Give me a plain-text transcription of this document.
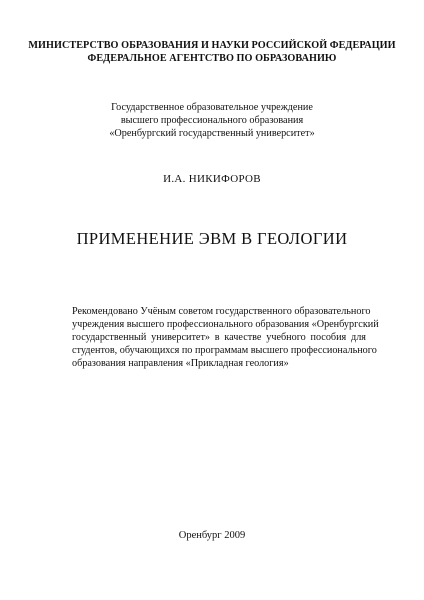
МИНИСТЕРСТВО ОБРАЗОВАНИЯ И НАУКИ РОССИЙСКОЙ ФЕДЕРАЦИИ
ФЕДЕРАЛЬНОЕ АГЕНТСТВО ПО ОБРАЗОВАНИЮ
Государственное образовательное учреждение
высшего профессионального образования
«Оренбургский государственный университет»
И.А. НИКИФОРОВ
ПРИМЕНЕНИЕ ЭВМ В ГЕОЛОГИИ
Рекомендовано Учёным советом государственного образовательного
учреждения высшего профессионального образования «Оренбургский
государственный университет» в качестве учебного пособия для
студентов, обучающихся по программам высшего профессионального
образования направления «Прикладная геология»
Оренбург 2009
